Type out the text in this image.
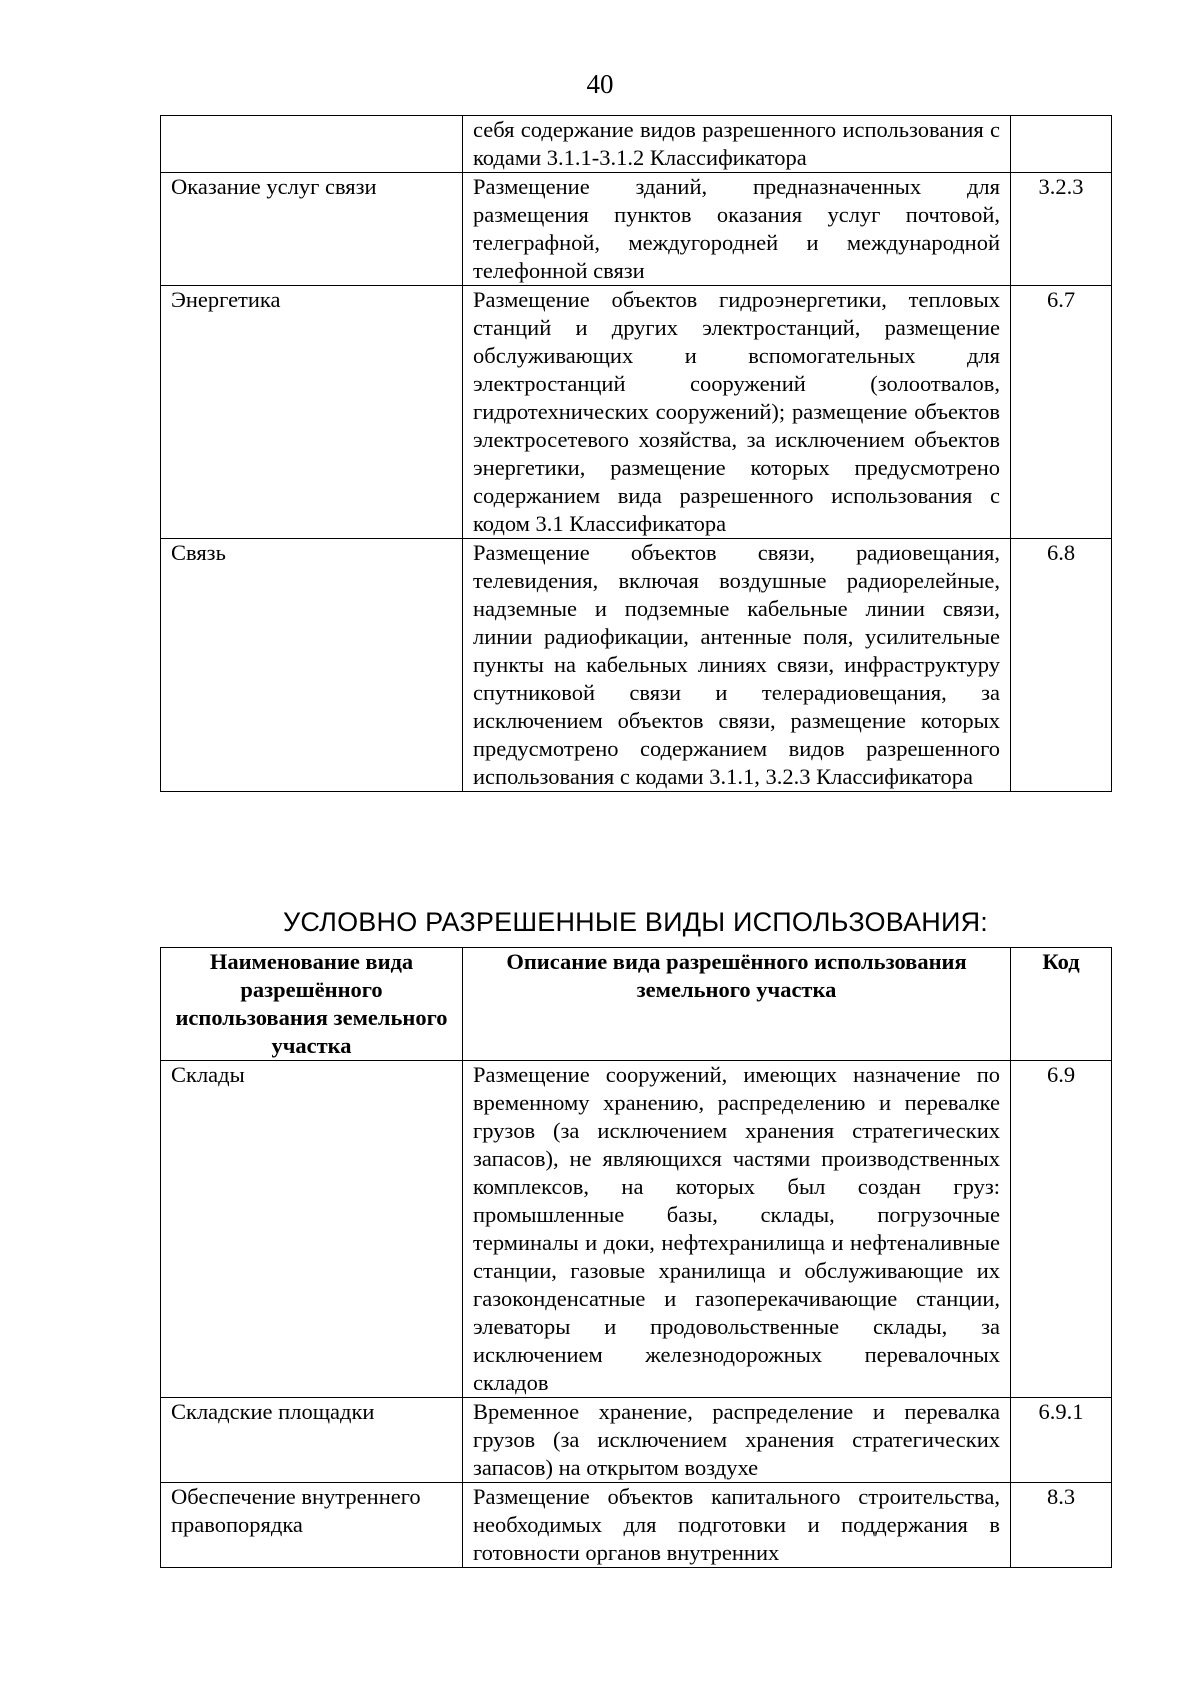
40
	себя содержание видов разрешенного использования с кодами 3.1.1-3.1.2 Классификатора	
Оказание услуг связи	Размещение зданий, предназначенных для размещения пунктов оказания услуг почтовой, телеграфной, междугородней и международной телефонной связи	3.2.3
Энергетика	Размещение объектов гидроэнергетики, тепловых станций и других электростанций, размещение обслуживающих и вспомогательных для электростанций сооружений (золоотвалов, гидротехнических сооружений); размещение объектов электросетевого хозяйства, за исключением объектов энергетики, размещение которых предусмотрено содержанием вида разрешенного использования с кодом 3.1 Классификатора	6.7
Связь	Размещение объектов связи, радиовещания, телевидения, включая воздушные радиорелейные, надземные и подземные кабельные линии связи, линии радиофикации, антенные поля, усилительные пункты на кабельных линиях связи, инфраструктуру спутниковой связи и телерадиовещания, за исключением объектов связи, размещение которых предусмотрено содержанием видов разрешенного использования с кодами 3.1.1, 3.2.3 Классификатора	6.8
УСЛОВНО РАЗРЕШЕННЫЕ ВИДЫ ИСПОЛЬЗОВАНИЯ:
Наименование вида разрешённого использования земельного участка	Описание вида разрешённого использования земельного участка	Код
Склады	Размещение сооружений, имеющих назначение по временному хранению, распределению и перевалке грузов (за исключением хранения стратегических запасов), не являющихся частями производственных комплексов, на которых был создан груз: промышленные базы, склады, погрузочные терминалы и доки, нефтехранилища и нефтеналивные станции, газовые хранилища и обслуживающие их газоконденсатные и газоперекачивающие станции, элеваторы и продовольственные склады, за исключением железнодорожных перевалочных складов	6.9
Складские площадки	Временное хранение, распределение и перевалка грузов (за исключением хранения стратегических запасов) на открытом воздухе	6.9.1
Обеспечение внутреннего правопорядка	Размещение объектов капитального строительства, необходимых для подготовки и поддержания в готовности органов внутренних	8.3
